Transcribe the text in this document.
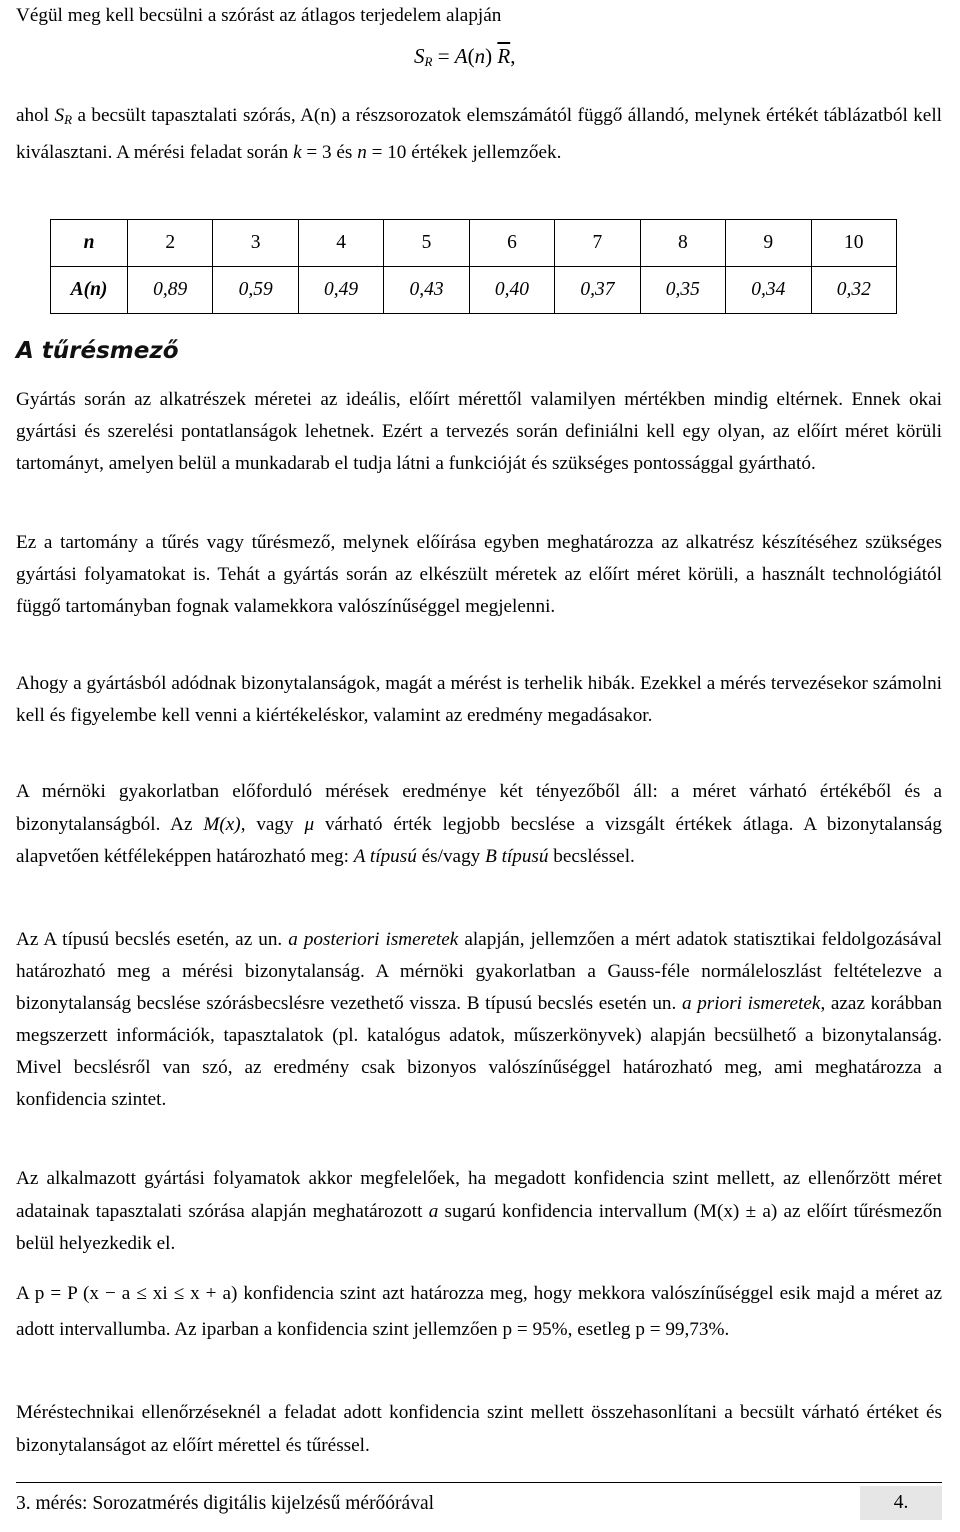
Végül meg kell becsülni a szórást az átlagos terjedelem alapján

$S_R = A(n)$ $\overline{R}$,

ahol $S_R$ a becsült tapasztalati szórás, A(n) a részsorozatok elemszámától függő állandó, melynek értékét táblázatból kell kiválasztani. A mérési feladat során k = 3 és n = 10 értékek jellemzőek.

n	2	3	4	5	6	7	8	9	10
A(n)	0,89	0,59	0,49	0,43	0,40	0,37	0,35	0,34	0,32
A tűrésmező

Gyártás során az alkatrészek méretei az ideális, előírt mérettől valamilyen mértékben mindig eltérnek. Ennek okai gyártási és szerelési pontatlanságok lehetnek. Ezért a tervezés során definiálni kell egy olyan, az előírt méret körüli tartományt, amelyen belül a munkadarab el tudja látni a funkcióját és szükséges pontossággal gyártható.

Ez a tartomány a tűrés vagy tűrésmező, melynek előírása egyben meghatározza az alkatrész készítéséhez szükséges gyártási folyamatokat is. Tehát a gyártás során az elkészült méretek az előírt méret körüli, a használt technológiától függő tartományban fognak valamekkora valószínűséggel megjelenni.

Ahogy a gyártásból adódnak bizonytalanságok, magát a mérést is terhelik hibák. Ezekkel a mérés tervezésekor számolni kell és figyelembe kell venni a kiértékeléskor, valamint az eredmény megadásakor.

A mérnöki gyakorlatban előforduló mérések eredménye két tényezőből áll: a méret várható értékéből és a bizonytalanságból. Az M(x), vagy μ várható érték legjobb becslése a vizsgált értékek átlaga. A bizonytalanság alapvetően kétféleképpen határozható meg: A típusú és/vagy B típusú becsléssel.

Az A típusú becslés esetén, az un. a posteriori ismeretek alapján, jellemzően a mért adatok statisztikai feldolgozásával határozható meg a mérési bizonytalanság. A mérnöki gyakorlatban a Gauss-féle normáleloszlást feltételezve a bizonytalanság becslése szórásbecslésre vezethető vissza. B típusú becslés esetén un. a priori ismeretek, azaz korábban megszerzett információk, tapasztalatok (pl. katalógus adatok, műszerkönyvek) alapján becsülhető a bizonytalanság. Mivel becslésről van szó, az eredmény csak bizonyos valószínűséggel határozható meg, ami meghatározza a konfidencia szintet.

Az alkalmazott gyártási folyamatok akkor megfelelőek, ha megadott konfidencia szint mellett, az ellenőrzött méret adatainak tapasztalati szórása alapján meghatározott a sugarú konfidencia intervallum (M(x) ± a) az előírt tűrésmezőn belül helyezkedik el.

A p = P (x − a ≤ xi ≤ x + a) konfidencia szint azt határozza meg, hogy mekkora valószínűséggel esik majd a méret az adott intervallumba. Az iparban a konfidencia szint jellemzően p = 95%, esetleg p = 99,73%.

Méréstechnikai ellenőrzéseknél a feladat adott konfidencia szint mellett összehasonlítani a becsült várható értéket és bizonytalanságot az előírt mérettel és tűréssel.

3. mérés: Sorozatmérés digitális kijelzésű mérőórával	4.
